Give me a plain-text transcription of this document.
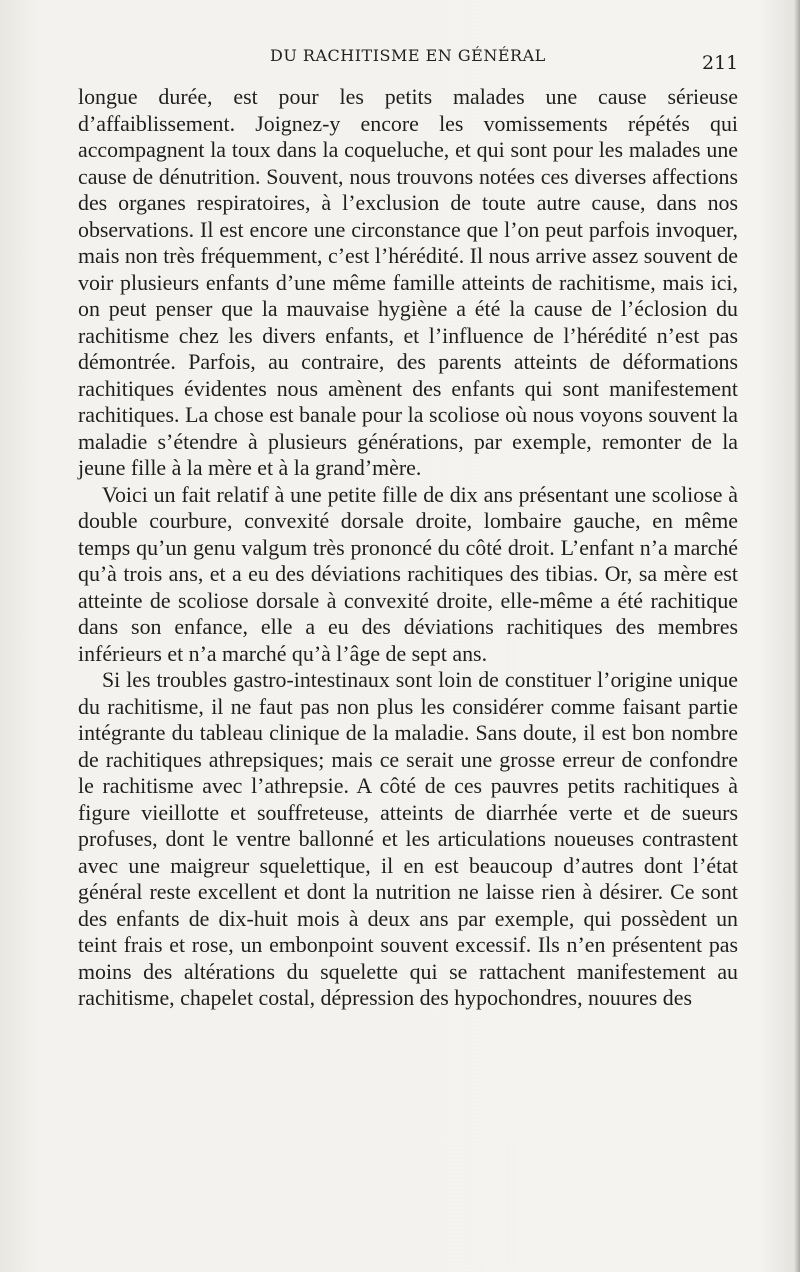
DU RACHITISME EN GÉNÉRAL	211

longue durée, est pour les petits malades une cause sérieuse d’affaiblissement. Joignez-y encore les vomissements répétés qui accompagnent la toux dans la coqueluche, et qui sont pour les malades une cause de dénutrition. Souvent, nous trouvons notées ces diverses affections des organes respiratoires, à l’exclusion de toute autre cause, dans nos observations. Il est encore une circonstance que l’on peut parfois invoquer, mais non très fréquemment, c’est l’hérédité. Il nous arrive assez souvent de voir plusieurs enfants d’une même famille atteints de rachitisme, mais ici, on peut penser que la mauvaise hygiène a été la cause de l’éclosion du rachitisme chez les divers enfants, et l’influence de l’hérédité n’est pas démontrée. Parfois, au contraire, des parents atteints de déformations rachitiques évidentes nous amènent des enfants qui sont manifestement rachitiques. La chose est banale pour la scoliose où nous voyons souvent la maladie s’étendre à plusieurs générations, par exemple, remonter de la jeune fille à la mère et à la grand’mère.

Voici un fait relatif à une petite fille de dix ans présentant une scoliose à double courbure, convexité dorsale droite, lombaire gauche, en même temps qu’un genu valgum très prononcé du côté droit. L’enfant n’a marché qu’à trois ans, et a eu des déviations rachitiques des tibias. Or, sa mère est atteinte de scoliose dorsale à convexité droite, elle-même a été rachitique dans son enfance, elle a eu des déviations rachitiques des membres inférieurs et n’a marché qu’à l’âge de sept ans.

Si les troubles gastro-intestinaux sont loin de constituer l’origine unique du rachitisme, il ne faut pas non plus les considérer comme faisant partie intégrante du tableau clinique de la maladie. Sans doute, il est bon nombre de rachitiques athrepsiques; mais ce serait une grosse erreur de confondre le rachitisme avec l’athrepsie. A côté de ces pauvres petits rachitiques à figure vieillotte et souffreteuse, atteints de diarrhée verte et de sueurs profuses, dont le ventre ballonné et les articulations noueuses contrastent avec une maigreur squelettique, il en est beaucoup d’autres dont l’état général reste excellent et dont la nutrition ne laisse rien à désirer. Ce sont des enfants de dix-huit mois à deux ans par exemple, qui possèdent un teint frais et rose, un embonpoint souvent excessif. Ils n’en présentent pas moins des altérations du squelette qui se rattachent manifestement au rachitisme, chapelet costal, dépression des hypochondres, nouures des
